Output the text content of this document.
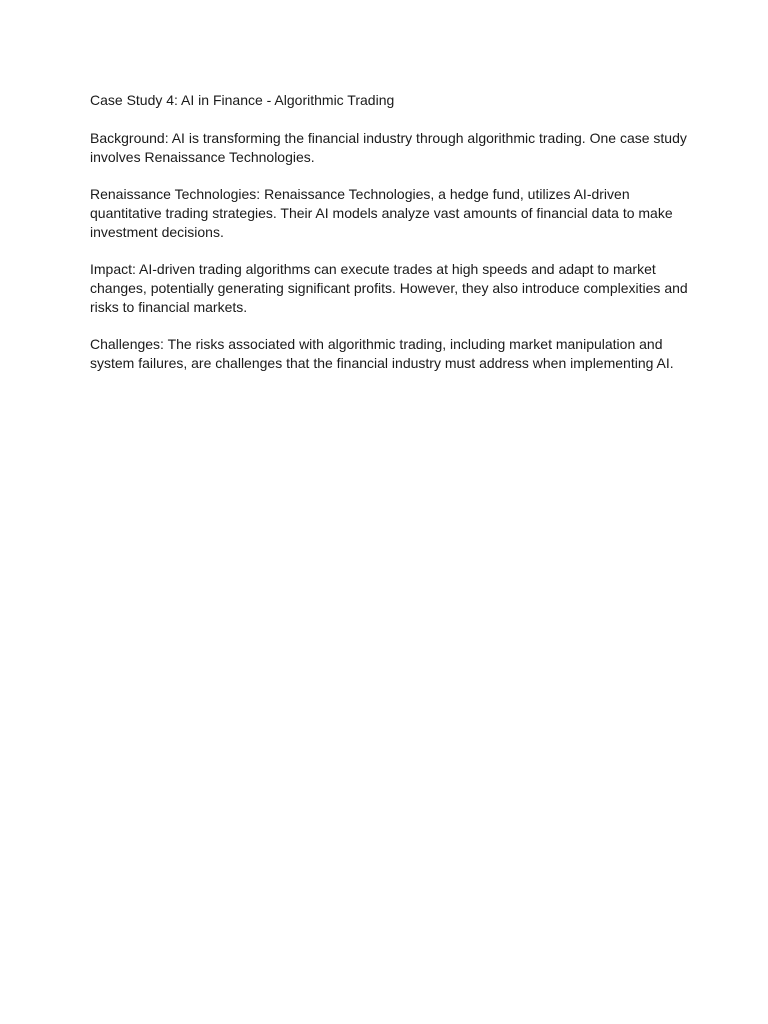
Case Study 4: AI in Finance - Algorithmic Trading

Background: AI is transforming the financial industry through algorithmic trading. One case study involves Renaissance Technologies.

Renaissance Technologies: Renaissance Technologies, a hedge fund, utilizes AI-driven quantitative trading strategies. Their AI models analyze vast amounts of financial data to make investment decisions.

Impact: AI-driven trading algorithms can execute trades at high speeds and adapt to market changes, potentially generating significant profits. However, they also introduce complexities and risks to financial markets.

Challenges: The risks associated with algorithmic trading, including market manipulation and system failures, are challenges that the financial industry must address when implementing AI.
